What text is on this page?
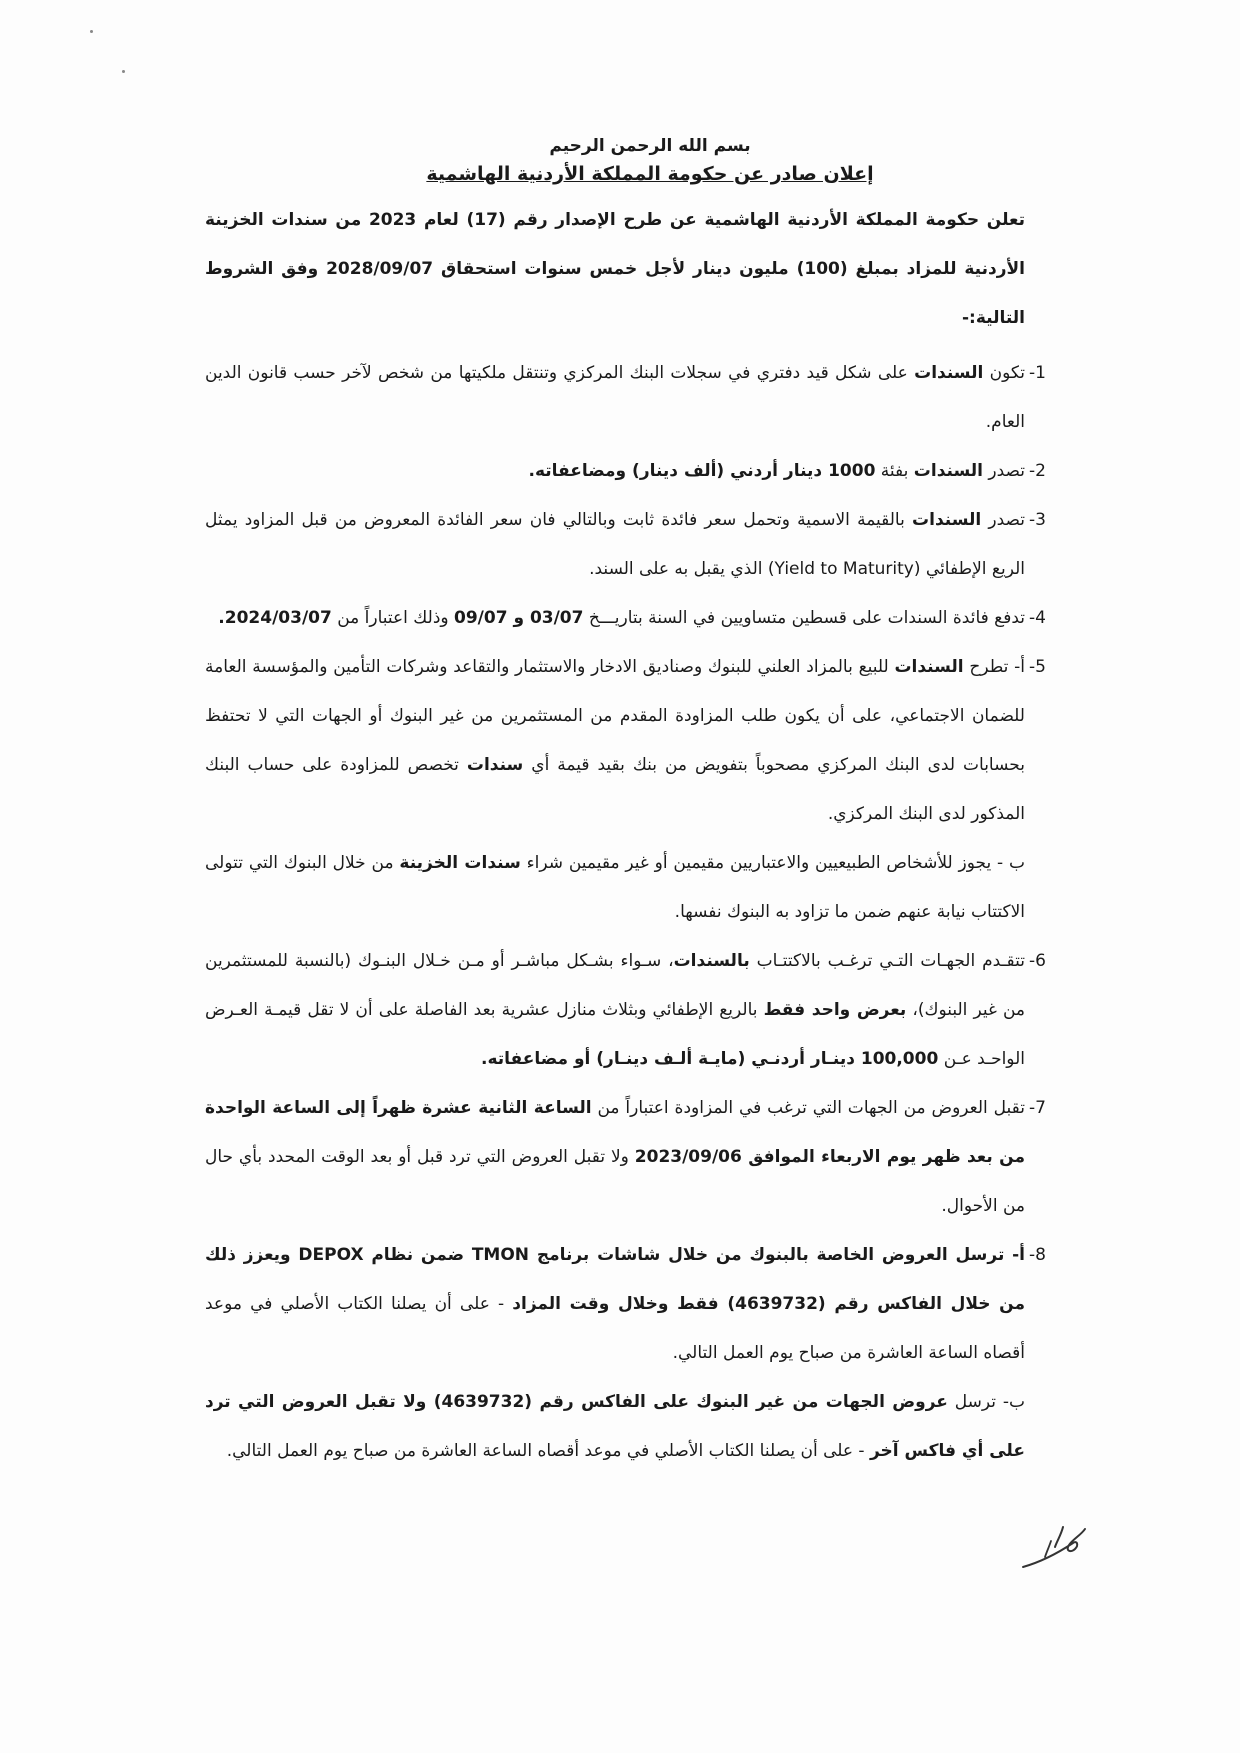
بسم الله الرحمن الرحيم
إعلان صادر عن حكومة المملكة الأردنية الهاشمية

تعلن حكومة المملكة الأردنية الهاشمية عن طرح الإصدار رقم (17) لعام 2023 من سندات الخزينة الأردنية للمزاد بمبلغ (100) مليون دينار لأجل خمس سنوات استحقاق 2028/09/07 وفق الشروط التالية:-

1-
تكون السندات على شكل قيد دفتري في سجلات البنك المركزي وتنتقل ملكيتها من شخص لآخر حسب قانون الدين العام.

2-
تصدر السندات بفئة 1000 دينار أردني (ألف دينار) ومضاعفاته.

3-
تصدر السندات بالقيمة الاسمية وتحمل سعر فائدة ثابت وبالتالي فان سعر الفائدة المعروض من قبل المزاود يمثل الريع الإطفائي (Yield to Maturity) الذي يقبل به على السند.

4-
تدفع فائدة السندات على قسطين متساويين في السنة بتاريـــخ 03/07 و 09/07 وذلك اعتباراً من 2024/03/07.

5-

أ- تطرح السندات للبيع بالمزاد العلني للبنوك وصناديق الادخار والاستثمار والتقاعد وشركات التأمين والمؤسسة العامة للضمان الاجتماعي، على أن يكون طلب المزاودة المقدم من المستثمرين من غير البنوك أو الجهات التي لا تحتفظ بحسابات لدى البنك المركزي مصحوباً بتفويض من بنك بقيد قيمة أي سندات تخصص للمزاودة على حساب البنك المذكور لدى البنك المركزي.

ب - يجوز للأشخاص الطبيعيين والاعتباريين مقيمين أو غير مقيمين شراء سندات الخزينة من خلال البنوك التي تتولى الاكتتاب نيابة عنهم ضمن ما تزاود به البنوك نفسها.

6-
تتقـدم الجهـات التـي ترغـب بالاكتتـاب بالسندات، سـواء بشـكل مباشـر أو مـن خـلال البنـوك (بالنسبة للمستثمرين من غير البنوك)، بعرض واحد فقط بالريع الإطفائي وبثلاث منازل عشرية بعد الفاصلة على أن لا تقل قيمـة العـرض الواحـد عـن 100,000 دينـار أردنـي (مايـة ألـف دينـار) أو مضاعفاته.

7-
تقبل العروض من الجهات التي ترغب في المزاودة اعتباراً من الساعة الثانية عشرة ظهراً إلى الساعة الواحدة من بعد ظهر يوم الاربعاء الموافق 2023/09/06 ولا تقبل العروض التي ترد قبل أو بعد الوقت المحدد بأي حال من الأحوال.

8-

أ- ترسل العروض الخاصة بالبنوك من خلال شاشات برنامج TMON ضمن نظام DEPOX ويعزز ذلك من خلال الفاكس رقم (4639732) فقط وخلال وقت المزاد - على أن يصلنا الكتاب الأصلي في موعد أقصاه الساعة العاشرة من صباح يوم العمل التالي.

ب- ترسل عروض الجهات من غير البنوك على الفاكس رقم (4639732) ولا تقبل العروض التي ترد على أي فاكس آخر - على أن يصلنا الكتاب الأصلي في موعد أقصاه الساعة العاشرة من صباح يوم العمل التالي.
